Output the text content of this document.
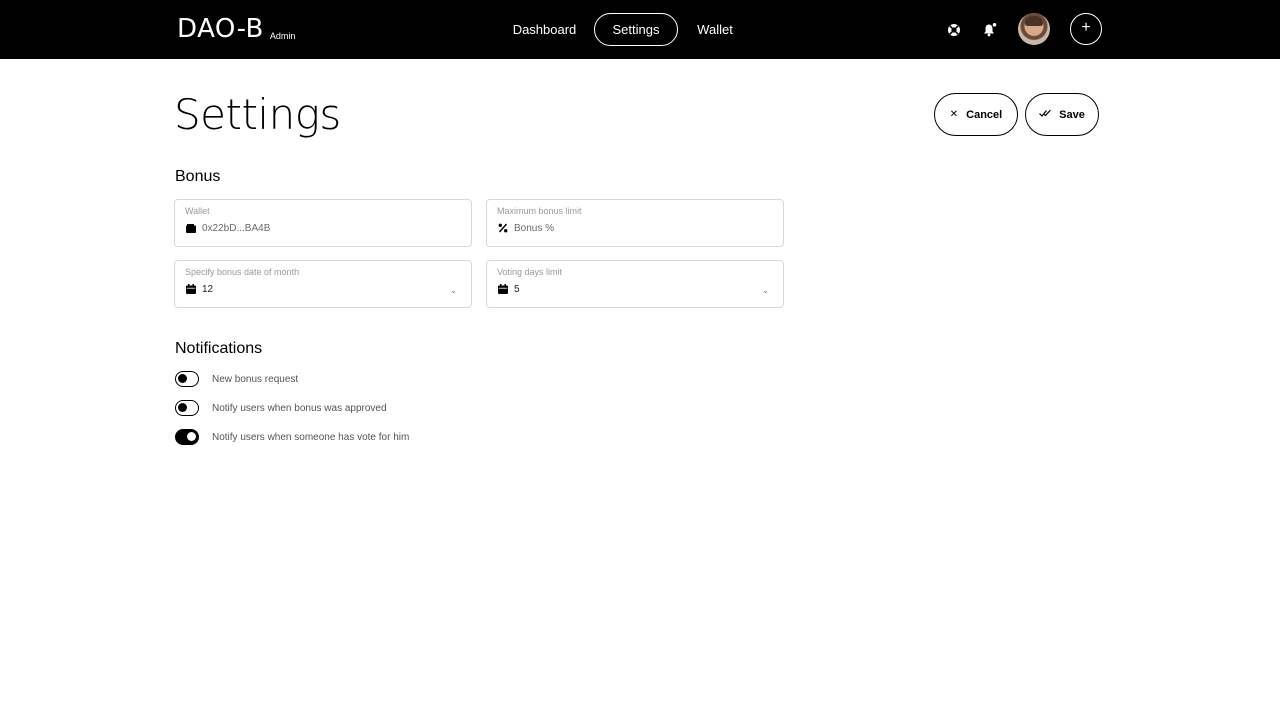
DAO-B Admin	Dashboard	Settings	Wallet	+
Settings	✕ Cancel	Save
Bonus
Wallet
0x22bD...BA4B
Maximum bonus limit
Bonus %
Specify bonus date of month
12	⌄
Voting days limit
5	⌄
Notifications
New bonus request
Notify users when bonus was approved
Notify users when someone has vote for him
